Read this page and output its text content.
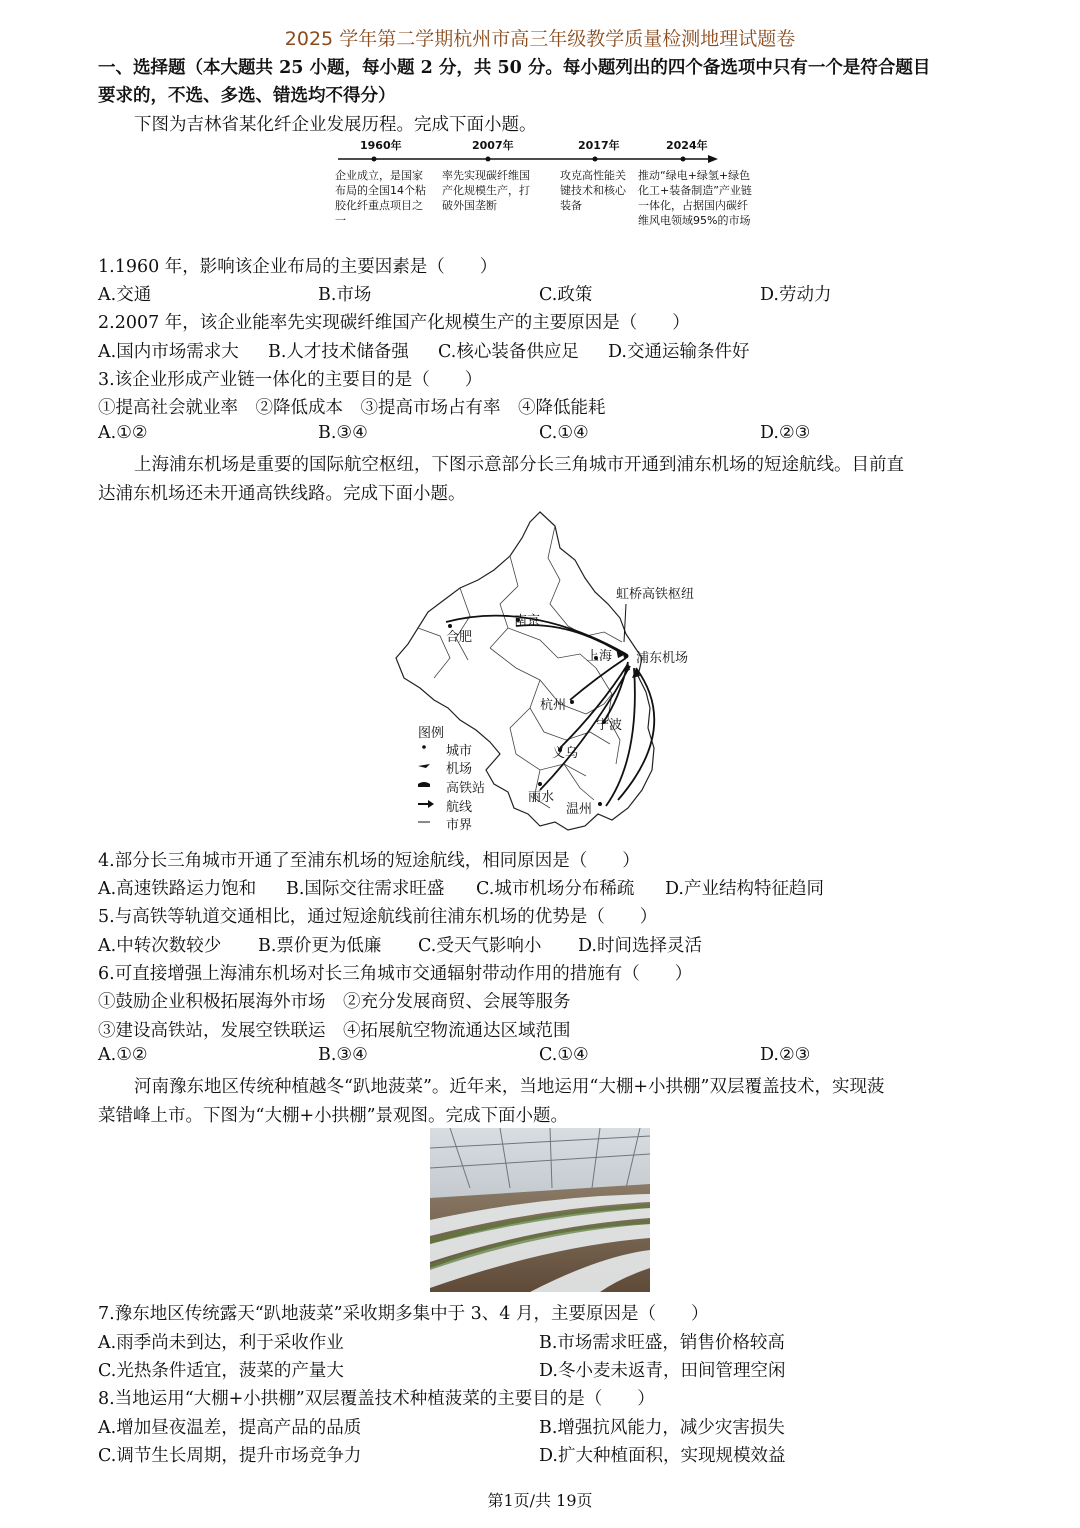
2025 学年第二学期杭州市高三年级教学质量检测地理试题卷
一、选择题（本大题共 25 小题，每小题 2 分，共 50 分。每小题列出的四个备选项中只有一个是符合题目
要求的，不选、多选、错选均不得分）
下图为吉林省某化纤企业发展历程。完成下面小题。
1960年	2007年	2017年	2024年
企业成立，是国家布局的全国14个粘胶化纤重点项目之一
率先实现碳纤维国产化规模生产，打破外国垄断
攻克高性能关键技术和核心装备
推动“绿电+绿氢+绿色化工+装备制造”产业链一体化，占据国内碳纤维风电领域95%的市场
1.1960 年，影响该企业布局的主要因素是（　　）
A.交通	B.市场	C.政策	D.劳动力
2.2007 年，该企业能率先实现碳纤维国产化规模生产的主要原因是（　　）
A.国内市场需求大 B.人才技术储备强 C.核心装备供应足 D.交通运输条件好
3.该企业形成产业链一体化的主要目的是（　　）
①提高社会就业率　②降低成本　③提高市场占有率　④降低能耗
A.①②	B.③④	C.①④	D.②③
上海浦东机场是重要的国际航空枢纽，下图示意部分长三角城市开通到浦东机场的短途航线。目前直
达浦东机场还未开通高铁线路。完成下面小题。
虹桥高铁枢纽
南京
合肥
上海 浦东机场
杭州
宁波
义乌
丽水
温州
图例
城市
机场
高铁站
航线
市界
4.部分长三角城市开通了至浦东机场的短途航线，相同原因是（　　）
A.高速铁路运力饱和 B.国际交往需求旺盛 C.城市机场分布稀疏 D.产业结构特征趋同
5.与高铁等轨道交通相比，通过短途航线前往浦东机场的优势是（　　）
A.中转次数较少 B.票价更为低廉 C.受天气影响小 D.时间选择灵活
6.可直接增强上海浦东机场对长三角城市交通辐射带动作用的措施有（　　）
①鼓励企业积极拓展海外市场　②充分发展商贸、会展等服务
③建设高铁站，发展空铁联运　④拓展航空物流通达区域范围
A.①②	B.③④	C.①④	D.②③
河南豫东地区传统种植越冬“趴地菠菜”。近年来，当地运用“大棚+小拱棚”双层覆盖技术，实现菠
菜错峰上市。下图为“大棚+小拱棚”景观图。完成下面小题。
7.豫东地区传统露天“趴地菠菜”采收期多集中于 3、4 月，主要原因是（　　）
A.雨季尚未到达，利于采收作业	B.市场需求旺盛，销售价格较高
C.光热条件适宜，菠菜的产量大	D.冬小麦未返青，田间管理空闲
8.当地运用“大棚+小拱棚”双层覆盖技术种植菠菜的主要目的是（　　）
A.增加昼夜温差，提高产品的品质	B.增强抗风能力，减少灾害损失
C.调节生长周期，提升市场竞争力	D.扩大种植面积，实现规模效益
第1页/共 19页
